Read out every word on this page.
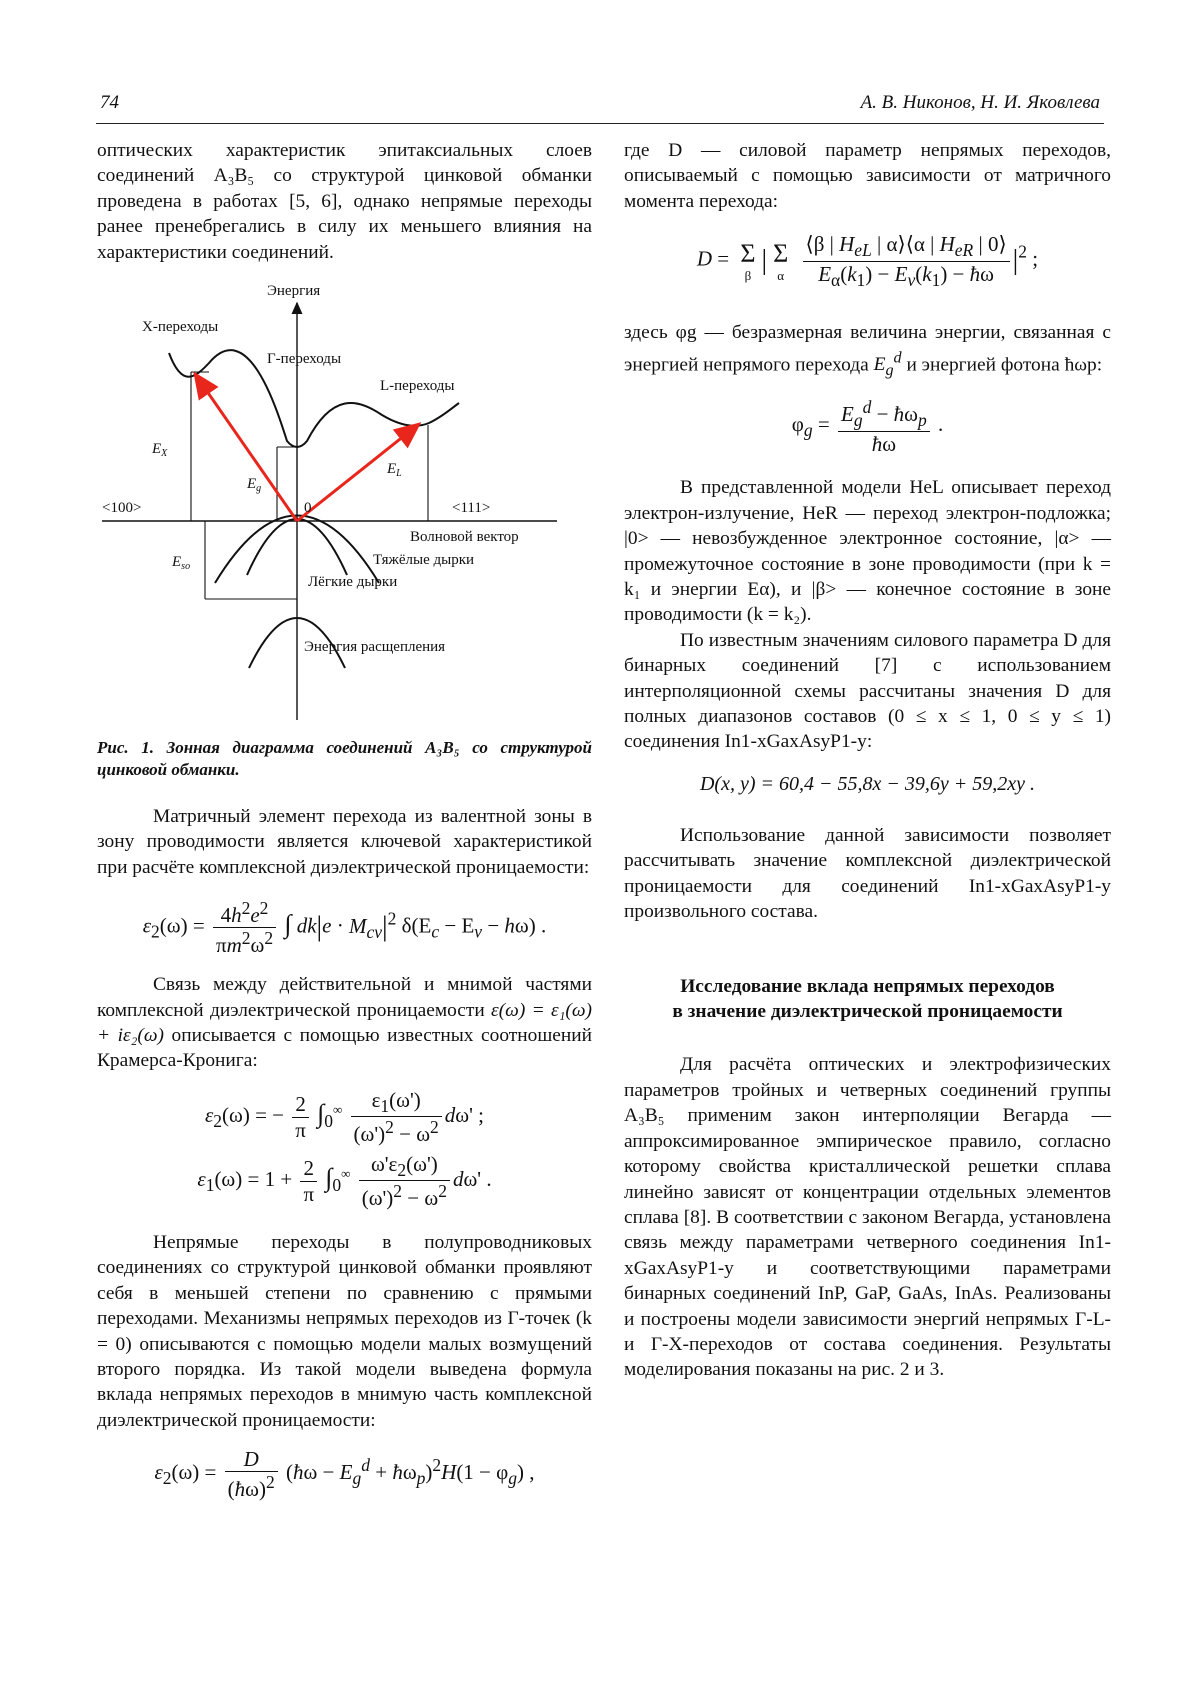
74	А. В. Никонов, Н. И. Яковлева

оптических характеристик эпитаксиальных слоев соединений A₃B₅ со структурой цинковой обманки проведена в работах [5, 6], однако непрямые переходы ранее пренебрегались в силу их меньшего влияния на характеристики соединений.

Энергия
X-переходы
Г-переходы
L-переходы
$E_X$
$E_g$
$E_L$
0
<100>	<111>
Волновой вектор
Тяжёлые дырки
Лёгкие дырки
$E_{so}$
Энергия расщепления
Рис. 1. Зонная диаграмма соединений A₃B₅ со структурой цинковой обманки.

Матричный элемент перехода из валентной зоны в зону проводимости является ключевой характеристикой при расчёте комплексной диэлектрической проницаемости:

$\varepsilon_2(\omega) = \frac{4h^2e^2}{\pi m^2\omega^2}$ ∫ $dk|e \cdot M_{cv}|^2$ $\delta(E_c - E_v - h\omega)$ .

Связь между действительной и мнимой частями комплексной диэлектрической проницаемости ε(ω) = ε₁(ω) + iε₂(ω) описывается с помощью известных соотношений Крамерса-Кронига:

$\varepsilon_2(\omega)$ = − $\frac{2}{\pi} \int_0^\infty \frac{\varepsilon_1(\omega')}{(\omega')^2 - \omega^2} d\omega'$ ;
$\varepsilon_1(\omega) = 1 + \frac{2}{\pi} \int_0^\infty \frac{\omega'\varepsilon_2(\omega')}{(\omega')^2 - \omega^2} d\omega'$ .

Непрямые переходы в полупроводниковых соединениях со структурой цинковой обманки проявляют себя в меньшей степени по сравнению с прямыми переходами. Механизмы непрямых переходов из Г-точек (k = 0) описываются с помощью модели малых возмущений второго порядка. Из такой модели выведена формула вклада непрямых переходов в мнимую часть комплексной диэлектрической проницаемости:

$\varepsilon_2(\omega) = \frac{D}{(ħ\omega)^2}$ (ħω − $E_g^d$ + $ħ\omega_p)^2H(1 - \varphi_g)$ ,

где D — силовой параметр непрямых переходов, описываемый с помощью зависимости от матричного момента перехода:

D = Σ
β | Σ
α
$\frac{⟨\beta | H_{eL} | \alpha⟩⟨\alpha | H_{eR} | 0⟩}{E_\alpha(k_1) - E_v(k_1) - ħ\omega} |^2$ ;

здесь φg — безразмерная величина энергии, связанная с энергией непрямого перехода $E_g^d$ и энергией фотона ħωp:

$\varphi_g = \frac{E_g^d - ħ\omega_p}{ħ\omega}$ .

В представленной модели HeL описывает переход электрон-излучение, HeR — переход электрон-подложка; |0> — невозбужденное электронное состояние, |α> — промежуточное состояние в зоне проводимости (при k = k₁ и энергии Eα), и |β> — конечное состояние в зоне проводимости (k = k₂).

По известным значениям силового параметра D для бинарных соединений [7] с использованием интерполяционной схемы рассчитаны значения D для полных диапазонов составов (0 ≤ x ≤ 1, 0 ≤ y ≤ 1) соединения In1-xGaxAsyP1-y:

D(x, y) = 60,4 − 55,8x − 39,6y + 59,2xy .

Использование данной зависимости позволяет рассчитывать значение комплексной диэлектрической проницаемости для соединений In1-xGaxAsyP1-y произвольного состава.

Исследование вклада непрямых переходов

в значение диэлектрической проницаемости

Для расчёта оптических и электрофизических параметров тройных и четверных соединений группы A₃B₅ применим закон интерполяции Вегарда — аппроксимированное эмпирическое правило, согласно которому свойства кристаллической решетки сплава линейно зависят от концентрации отдельных элементов сплава [8]. В соответствии с законом Вегарда, установлена связь между параметрами четверного соединения In1-xGaxAsyP1-y и соответствующими параметрами бинарных соединений InP, GaP, GaAs, InAs. Реализованы и построены модели зависимости энергий непрямых Г-L- и Г-X-переходов от состава соединения. Результаты моделирования показаны на рис. 2 и 3.
